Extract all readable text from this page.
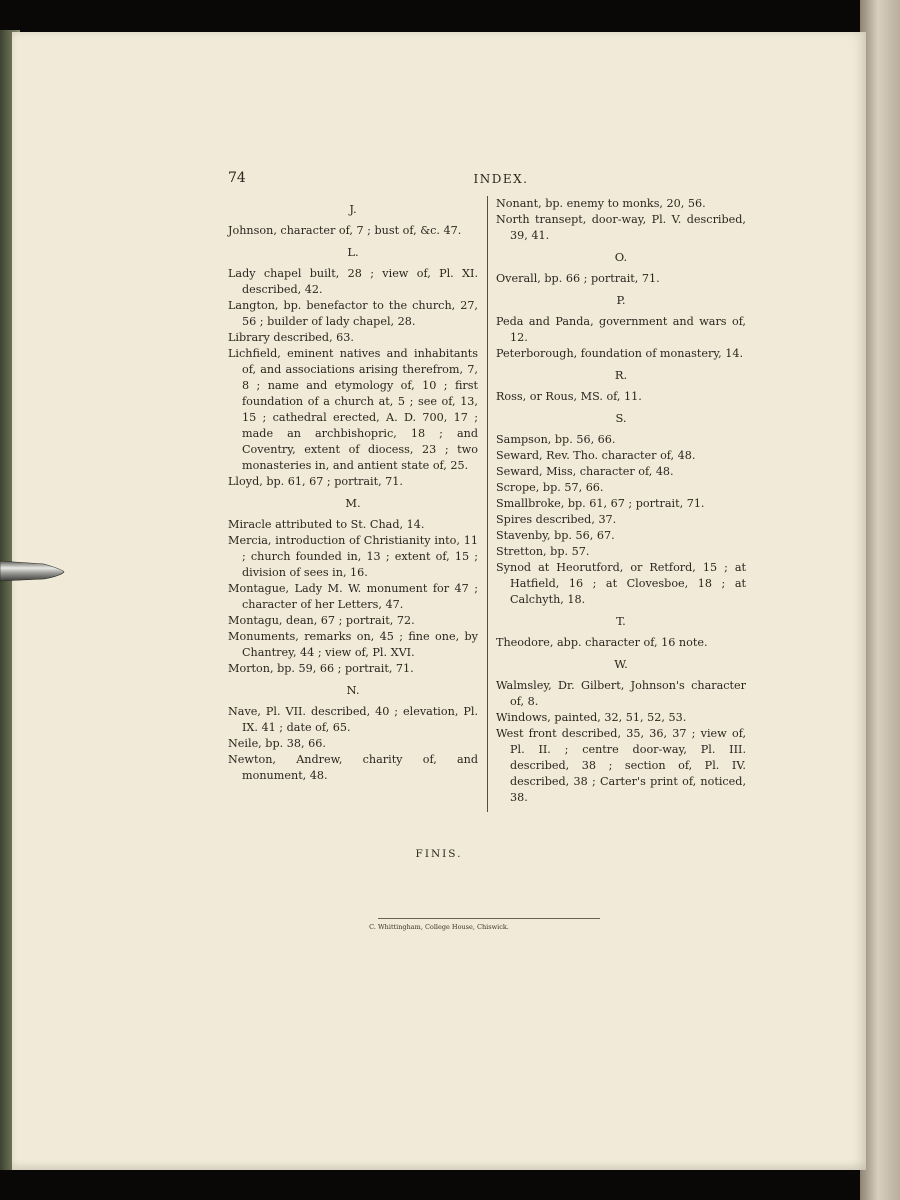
74	INDEX.
J.
Johnson, character of, 7 ; bust of, &c. 47.
L.
Lady chapel built, 28 ; view of, Pl. XI. described, 42.
Langton, bp. benefactor to the church, 27, 56 ; builder of lady chapel, 28.
Library described, 63.
Lichfield, eminent natives and inhabitants of, and associations arising therefrom, 7, 8 ; name and etymology of, 10 ; first foundation of a church at, 5 ; see of, 13, 15 ; cathedral erected, A. D. 700, 17 ; made an archbishopric, 18 ; and Coventry, extent of diocess, 23 ; two monasteries in, and antient state of, 25.
Lloyd, bp. 61, 67 ; portrait, 71.
M.
Miracle attributed to St. Chad, 14.
Mercia, introduction of Christianity into, 11 ; church founded in, 13 ; extent of, 15 ; division of sees in, 16.
Montague, Lady M. W. monument for 47 ; character of her Letters, 47.
Montagu, dean, 67 ; portrait, 72.
Monuments, remarks on, 45 ; fine one, by Chantrey, 44 ; view of, Pl. XVI.
Morton, bp. 59, 66 ; portrait, 71.
N.
Nave, Pl. VII. described, 40 ; elevation, Pl. IX. 41 ; date of, 65.
Neile, bp. 38, 66.
Newton, Andrew, charity of, and monument, 48.
Nonant, bp. enemy to monks, 20, 56.
North transept, door-way, Pl. V. described, 39, 41.
O.
Overall, bp. 66 ; portrait, 71.
P.
Peda and Panda, government and wars of, 12.
Peterborough, foundation of monastery, 14.
R.
Ross, or Rous, MS. of, 11.
S.
Sampson, bp. 56, 66.
Seward, Rev. Tho. character of, 48.
Seward, Miss, character of, 48.
Scrope, bp. 57, 66.
Smallbroke, bp. 61, 67 ; portrait, 71.
Spires described, 37.
Stavenby, bp. 56, 67.
Stretton, bp. 57.
Synod at Heorutford, or Retford, 15 ; at Hatfield, 16 ; at Clovesboe, 18 ; at Calchyth, 18.
T.
Theodore, abp. character of, 16 note.
W.
Walmsley, Dr. Gilbert, Johnson's character of, 8.
Windows, painted, 32, 51, 52, 53.
West front described, 35, 36, 37 ; view of, Pl. II. ; centre door-way, Pl. III. described, 38 ; section of, Pl. IV. described, 38 ; Carter's print of, noticed, 38.
FINIS.
C. Whittingham, College House, Chiswick.
